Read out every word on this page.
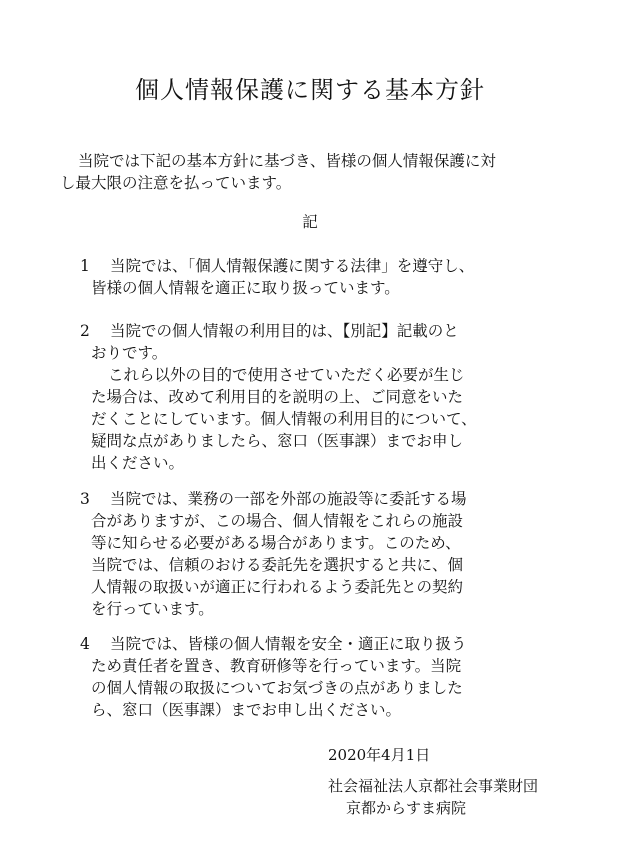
個人情報保護に関する基本方針
当院では下記の基本方針に基づき、皆様の個人情報保護に対
し最大限の注意を払っています。
記
1 当院では、「個人情報保護に関する法律」を遵守し、
皆様の個人情報を適正に取り扱っています。
2 当院での個人情報の利用目的は、【別記】記載のと
おりです。
これら以外の目的で使用させていただく必要が生じ
た場合は、改めて利用目的を説明の上、ご同意をいた
だくことにしています。個人情報の利用目的について、
疑問な点がありましたら、窓口（医事課）までお申し
出ください。
3 当院では、業務の一部を外部の施設等に委託する場
合がありますが、この場合、個人情報をこれらの施設
等に知らせる必要がある場合があります。このため、
当院では、信頼のおける委託先を選択すると共に、個
人情報の取扱いが適正に行われるよう委託先との契約
を行っています。
4 当院では、皆様の個人情報を安全・適正に取り扱う
ため責任者を置き、教育研修等を行っています。当院
の個人情報の取扱についてお気づきの点がありました
ら、窓口（医事課）までお申し出ください。
2020年4月1日
社会福祉法人京都社会事業財団
京都からすま病院
